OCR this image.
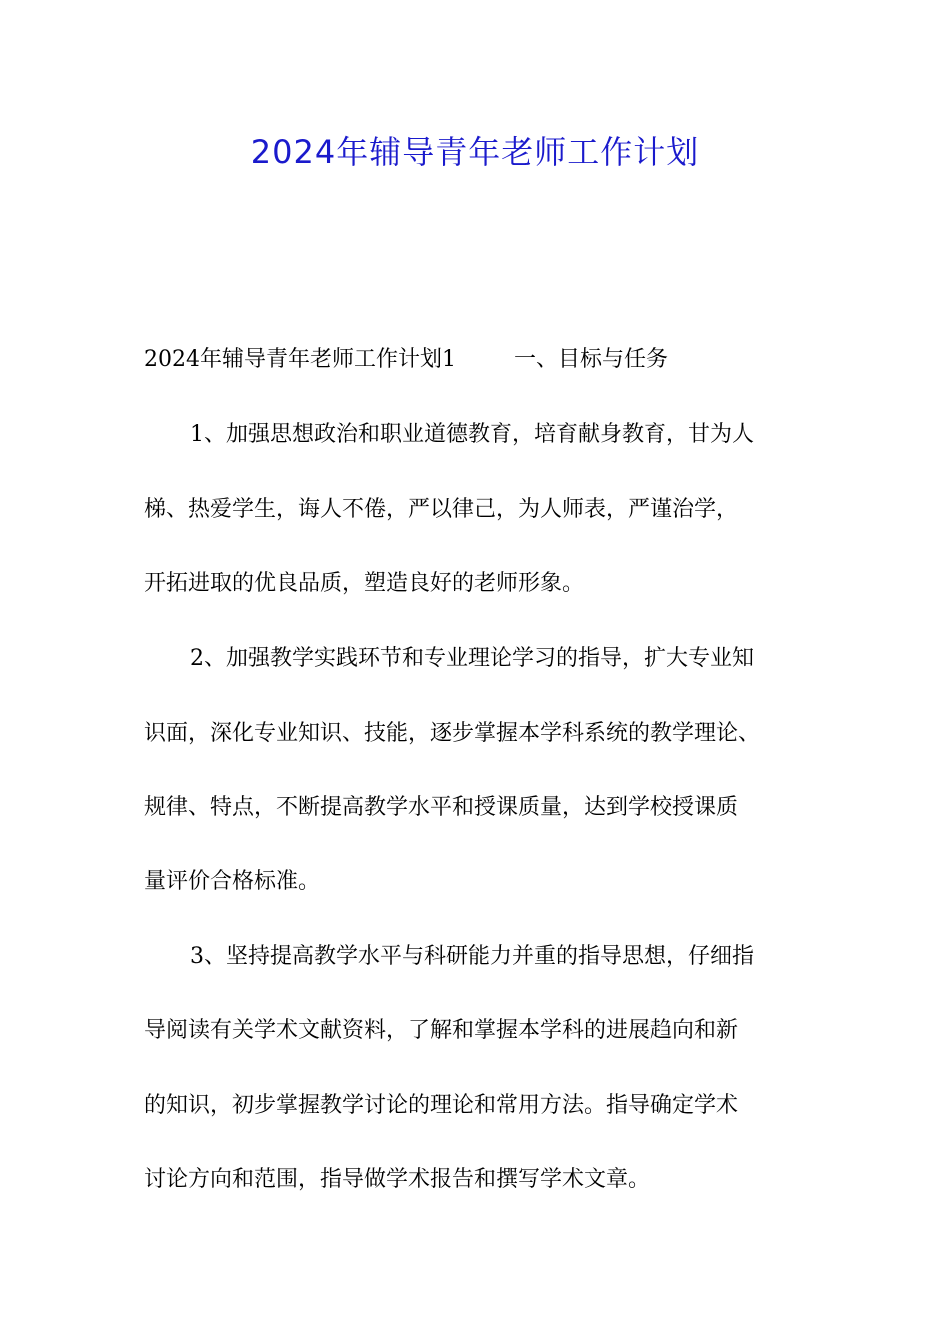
2024年辅导青年老师工作计划
2024年辅导青年老师工作计划1	一、目标与任务
1、加强思想政治和职业道德教育，培育献身教育，甘为人
梯、热爱学生，诲人不倦，严以律己，为人师表，严谨治学，
开拓进取的优良品质，塑造良好的老师形象。
2、加强教学实践环节和专业理论学习的指导，扩大专业知
识面，深化专业知识、技能，逐步掌握本学科系统的教学理论、
规律、特点，不断提高教学水平和授课质量，达到学校授课质
量评价合格标准。
3、坚持提高教学水平与科研能力并重的指导思想，仔细指
导阅读有关学术文献资料，了解和掌握本学科的进展趋向和新
的知识，初步掌握教学讨论的理论和常用方法。指导确定学术
讨论方向和范围，指导做学术报告和撰写学术文章。
